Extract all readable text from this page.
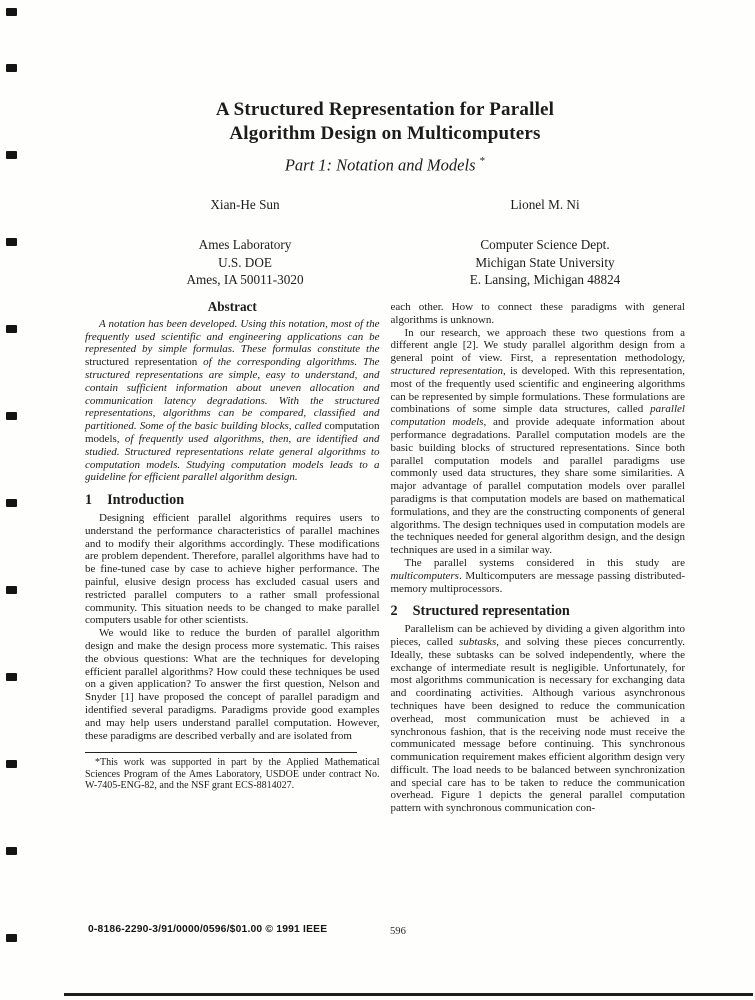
A Structured Representation for Parallel
Algorithm Design on Multicomputers
Part 1: Notation and Models *
Xian-He Sun
Ames Laboratory
U.S. DOE
Ames, IA 50011-3020
Lionel M. Ni
Computer Science Dept.
Michigan State University
E. Lansing, Michigan 48824
Abstract

A notation has been developed. Using this notation, most of the frequently used scientific and engineering applications can be represented by simple formulas. These formulas constitute the structured representation of the corresponding algorithms. The structured representations are simple, easy to understand, and contain sufficient information about uneven allocation and communication latency degradations. With the structured representations, algorithms can be compared, classified and partitioned. Some of the basic building blocks, called computation models, of frequently used algorithms, then, are identified and studied. Structured representations relate general algorithms to computation models. Studying computation models leads to a guideline for efficient parallel algorithm design.

1 Introduction

Designing efficient parallel algorithms requires users to understand the performance characteristics of parallel machines and to modify their algorithms accordingly. These modifications are problem dependent. Therefore, parallel algorithms have had to be fine-tuned case by case to achieve higher performance. The painful, elusive design process has excluded casual users and restricted parallel computers to a rather small professional community. This situation needs to be changed to make parallel computers usable for other scientists.

We would like to reduce the burden of parallel algorithm design and make the design process more systematic. This raises the obvious questions: What are the techniques for developing efficient parallel algorithms? How could these techniques be used on a given application? To answer the first question, Nelson and Snyder [1] have proposed the concept of parallel paradigm and identified several paradigms. Paradigms provide good examples and may help users understand parallel computation. However, these paradigms are described verbally and are isolated from

*This work was supported in part by the Applied Mathematical Sciences Program of the Ames Laboratory, USDOE under contract No. W-7405-ENG-82, and the NSF grant ECS-8814027.

each other. How to connect these paradigms with general algorithms is unknown.

In our research, we approach these two questions from a different angle [2]. We study parallel algorithm design from a general point of view. First, a representation methodology, structured representation, is developed. With this representation, most of the frequently used scientific and engineering algorithms can be represented by simple formulations. These formulations are combinations of some simple data structures, called parallel computation models, and provide adequate information about performance degradations. Parallel computation models are the basic building blocks of structured representations. Since both parallel computation models and parallel paradigms use commonly used data structures, they share some similarities. A major advantage of parallel computation models over parallel paradigms is that computation models are based on mathematical formulations, and they are the constructing components of general algorithms. The design techniques used in computation models are the techniques needed for general algorithm design, and the design techniques are used in a similar way.

The parallel systems considered in this study are multicomputers. Multicomputers are message passing distributed-memory multiprocessors.

2 Structured representation

Parallelism can be achieved by dividing a given algorithm into pieces, called subtasks, and solving these pieces concurrently. Ideally, these subtasks can be solved independently, where the exchange of intermediate result is negligible. Unfortunately, for most algorithms communication is necessary for exchanging data and coordinating activities. Although various asynchronous techniques have been designed to reduce the communication overhead, most communication must be achieved in a synchronous fashion, that is the receiving node must receive the communicated message before continuing. This synchronous communication requirement makes efficient algorithm design very difficult. The load needs to be balanced between synchronization and special care has to be taken to reduce the communication overhead. Figure 1 depicts the general parallel computation pattern with synchronous communication con-

0-8186-2290-3/91/0000/0596/$01.00 © 1991 IEEE	596
